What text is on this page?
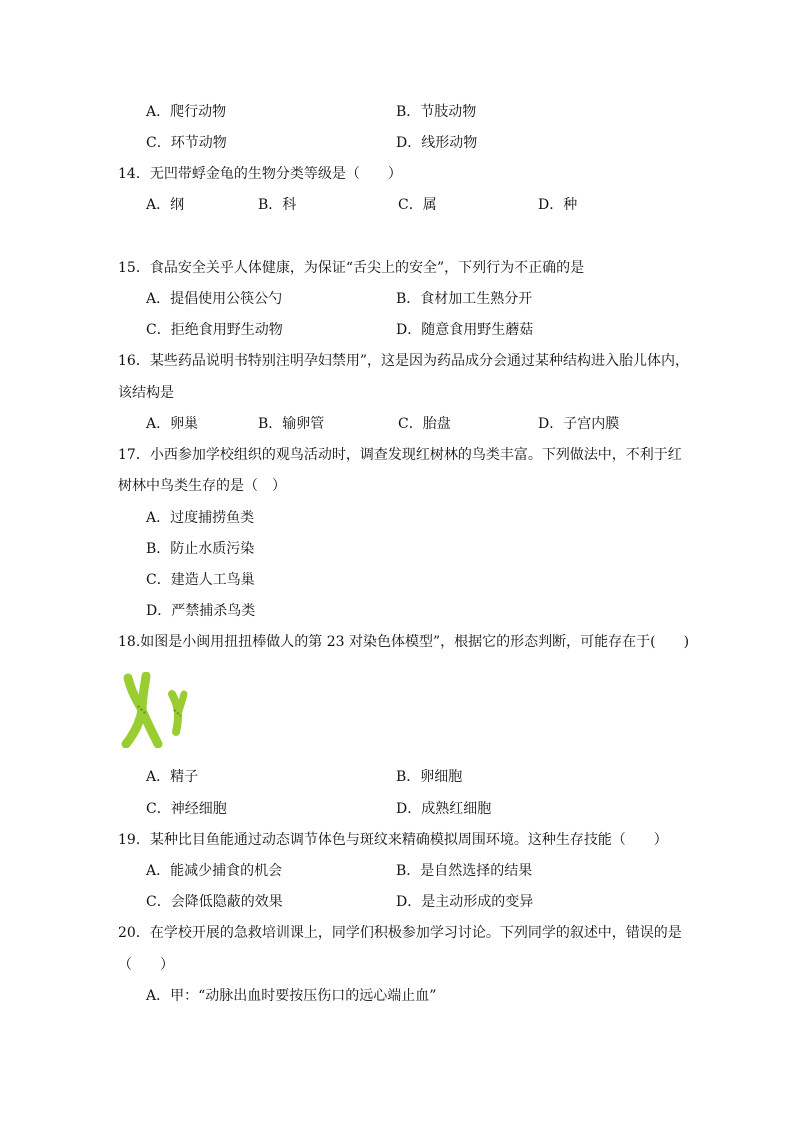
A．爬行动物	B．节肢动物
C．环节动物	D．线形动物
14．无凹带蜉金龟的生物分类等级是（　　）
A．纲	B．科	C．属	D．种
15．食品安全关乎人体健康，为保证“舌尖上的安全”，下列行为不正确的是
A．提倡使用公筷公勺	B．食材加工生熟分开
C．拒绝食用野生动物	D．随意食用野生蘑菇
16．某些药品说明书特别注明孕妇禁用”，这是因为药品成分会通过某种结构进入胎儿体内，
该结构是
A．卵巢	B．输卵管	C．胎盘	D．子宫内膜
17．小西参加学校组织的观鸟活动时，调查发现红树林的鸟类丰富。下列做法中，不利于红
树林中鸟类生存的是（　）
A．过度捕捞鱼类
B．防止水质污染
C．建造人工鸟巢
D．严禁捕杀鸟类
18.如图是小闽用扭扭棒做人的第 23 对染色体模型”，根据它的形态判断，可能存在于(　　)
A．精子	B．卵细胞
C．神经细胞	D．成熟红细胞
19．某种比目鱼能通过动态调节体色与斑纹来精确模拟周围环境。这种生存技能（　　）
A．能减少捕食的机会	B．是自然选择的结果
C．会降低隐蔽的效果	D．是主动形成的变异
20．在学校开展的急救培训课上，同学们积极参加学习讨论。下列同学的叙述中，错误的是
（　　）
A．甲：“动脉出血时要按压伤口的远心端止血”
